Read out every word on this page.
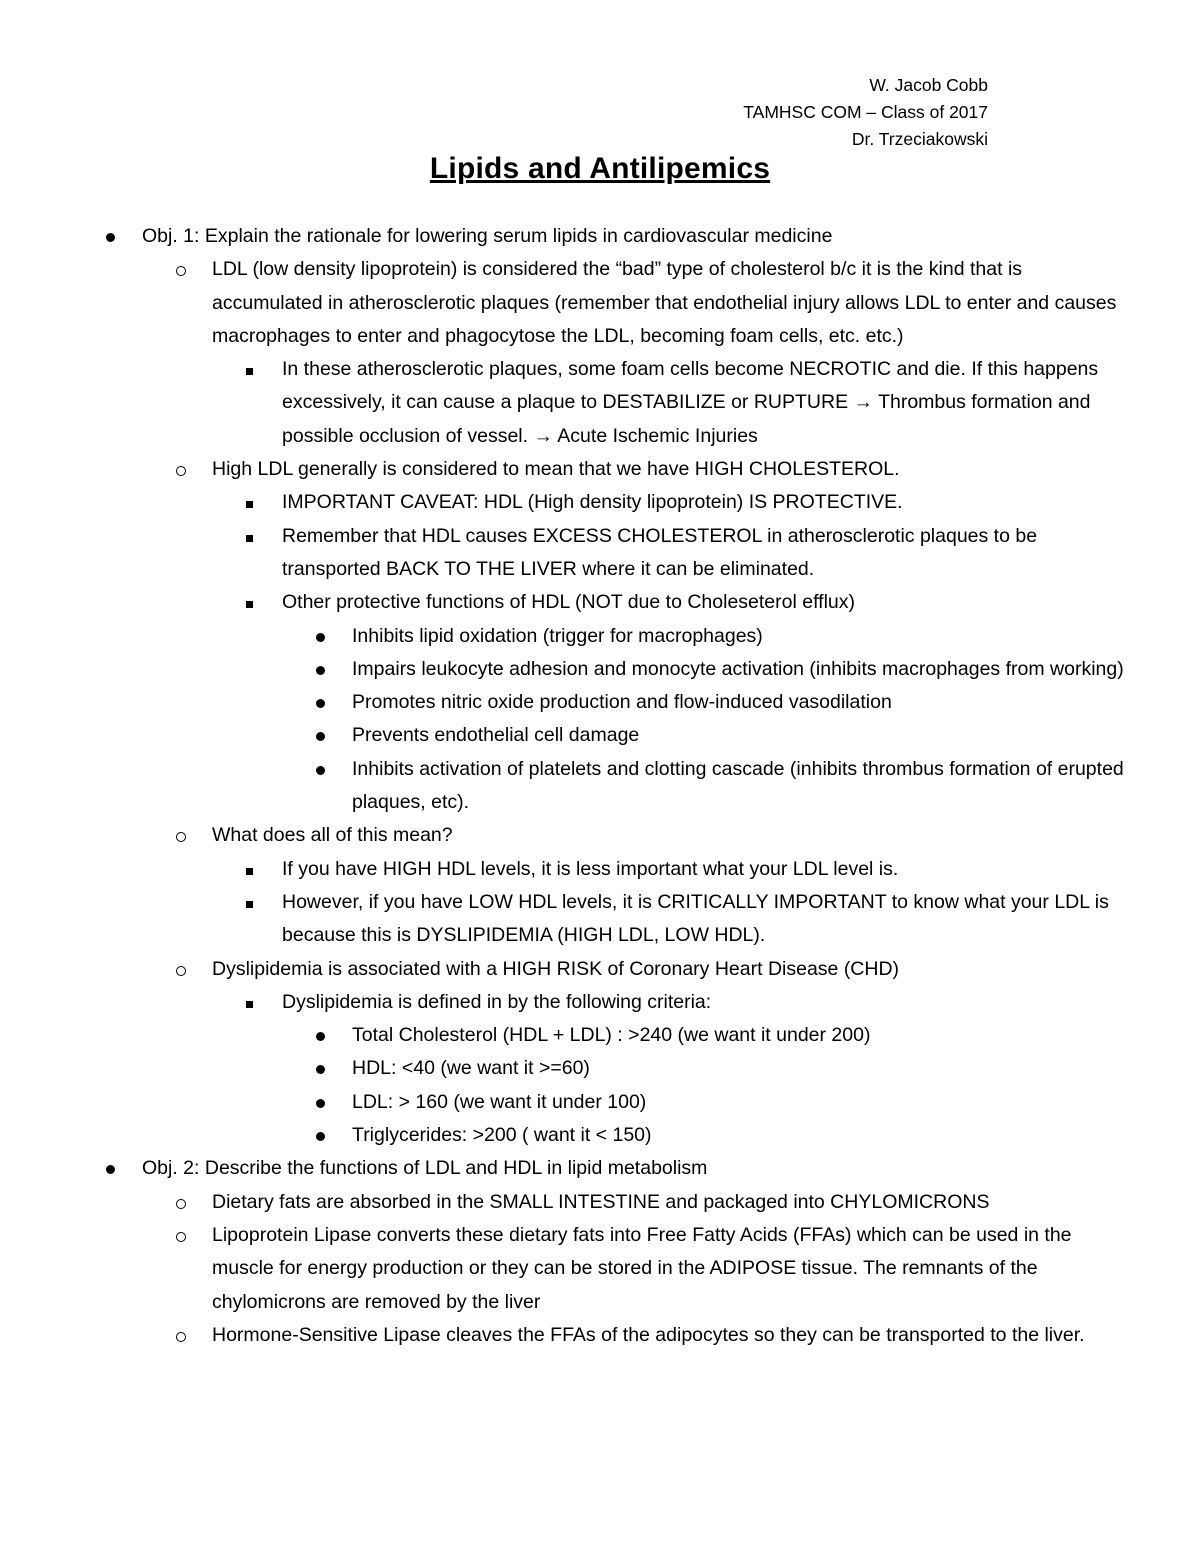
W. Jacob Cobb
TAMHSC COM – Class of 2017
Dr. Trzeciakowski
Lipids and Antilipemics
Obj. 1: Explain the rationale for lowering serum lipids in cardiovascular medicine
LDL (low density lipoprotein) is considered the “bad” type of cholesterol b/c it is the kind that is accumulated in atherosclerotic plaques (remember that endothelial injury allows LDL to enter and causes macrophages to enter and phagocytose the LDL, becoming foam cells, etc. etc.)
In these atherosclerotic plaques, some foam cells become NECROTIC and die. If this happens excessively, it can cause a plaque to DESTABILIZE or RUPTURE → Thrombus formation and possible occlusion of vessel. → Acute Ischemic Injuries
High LDL generally is considered to mean that we have HIGH CHOLESTEROL.
IMPORTANT CAVEAT: HDL (High density lipoprotein) IS PROTECTIVE.
Remember that HDL causes EXCESS CHOLESTEROL in atherosclerotic plaques to be transported BACK TO THE LIVER where it can be eliminated.
Other protective functions of HDL (NOT due to Choleseterol efflux)
Inhibits lipid oxidation (trigger for macrophages)
Impairs leukocyte adhesion and monocyte activation (inhibits macrophages from working)
Promotes nitric oxide production and flow-induced vasodilation
Prevents endothelial cell damage
Inhibits activation of platelets and clotting cascade (inhibits thrombus formation of erupted plaques, etc).
What does all of this mean?
If you have HIGH HDL levels, it is less important what your LDL level is.
However, if you have LOW HDL levels, it is CRITICALLY IMPORTANT to know what your LDL is because this is DYSLIPIDEMIA (HIGH LDL, LOW HDL).
Dyslipidemia is associated with a HIGH RISK of Coronary Heart Disease (CHD)
Dyslipidemia is defined in by the following criteria:
Total Cholesterol (HDL + LDL) : >240 (we want it under 200)
HDL: <40 (we want it >=60)
LDL: > 160 (we want it under 100)
Triglycerides: >200 ( want it < 150)
Obj. 2: Describe the functions of LDL and HDL in lipid metabolism
Dietary fats are absorbed in the SMALL INTESTINE and packaged into CHYLOMICRONS
Lipoprotein Lipase converts these dietary fats into Free Fatty Acids (FFAs) which can be used in the muscle for energy production or they can be stored in the ADIPOSE tissue. The remnants of the chylomicrons are removed by the liver
Hormone-Sensitive Lipase cleaves the FFAs of the adipocytes so they can be transported to the liver.
